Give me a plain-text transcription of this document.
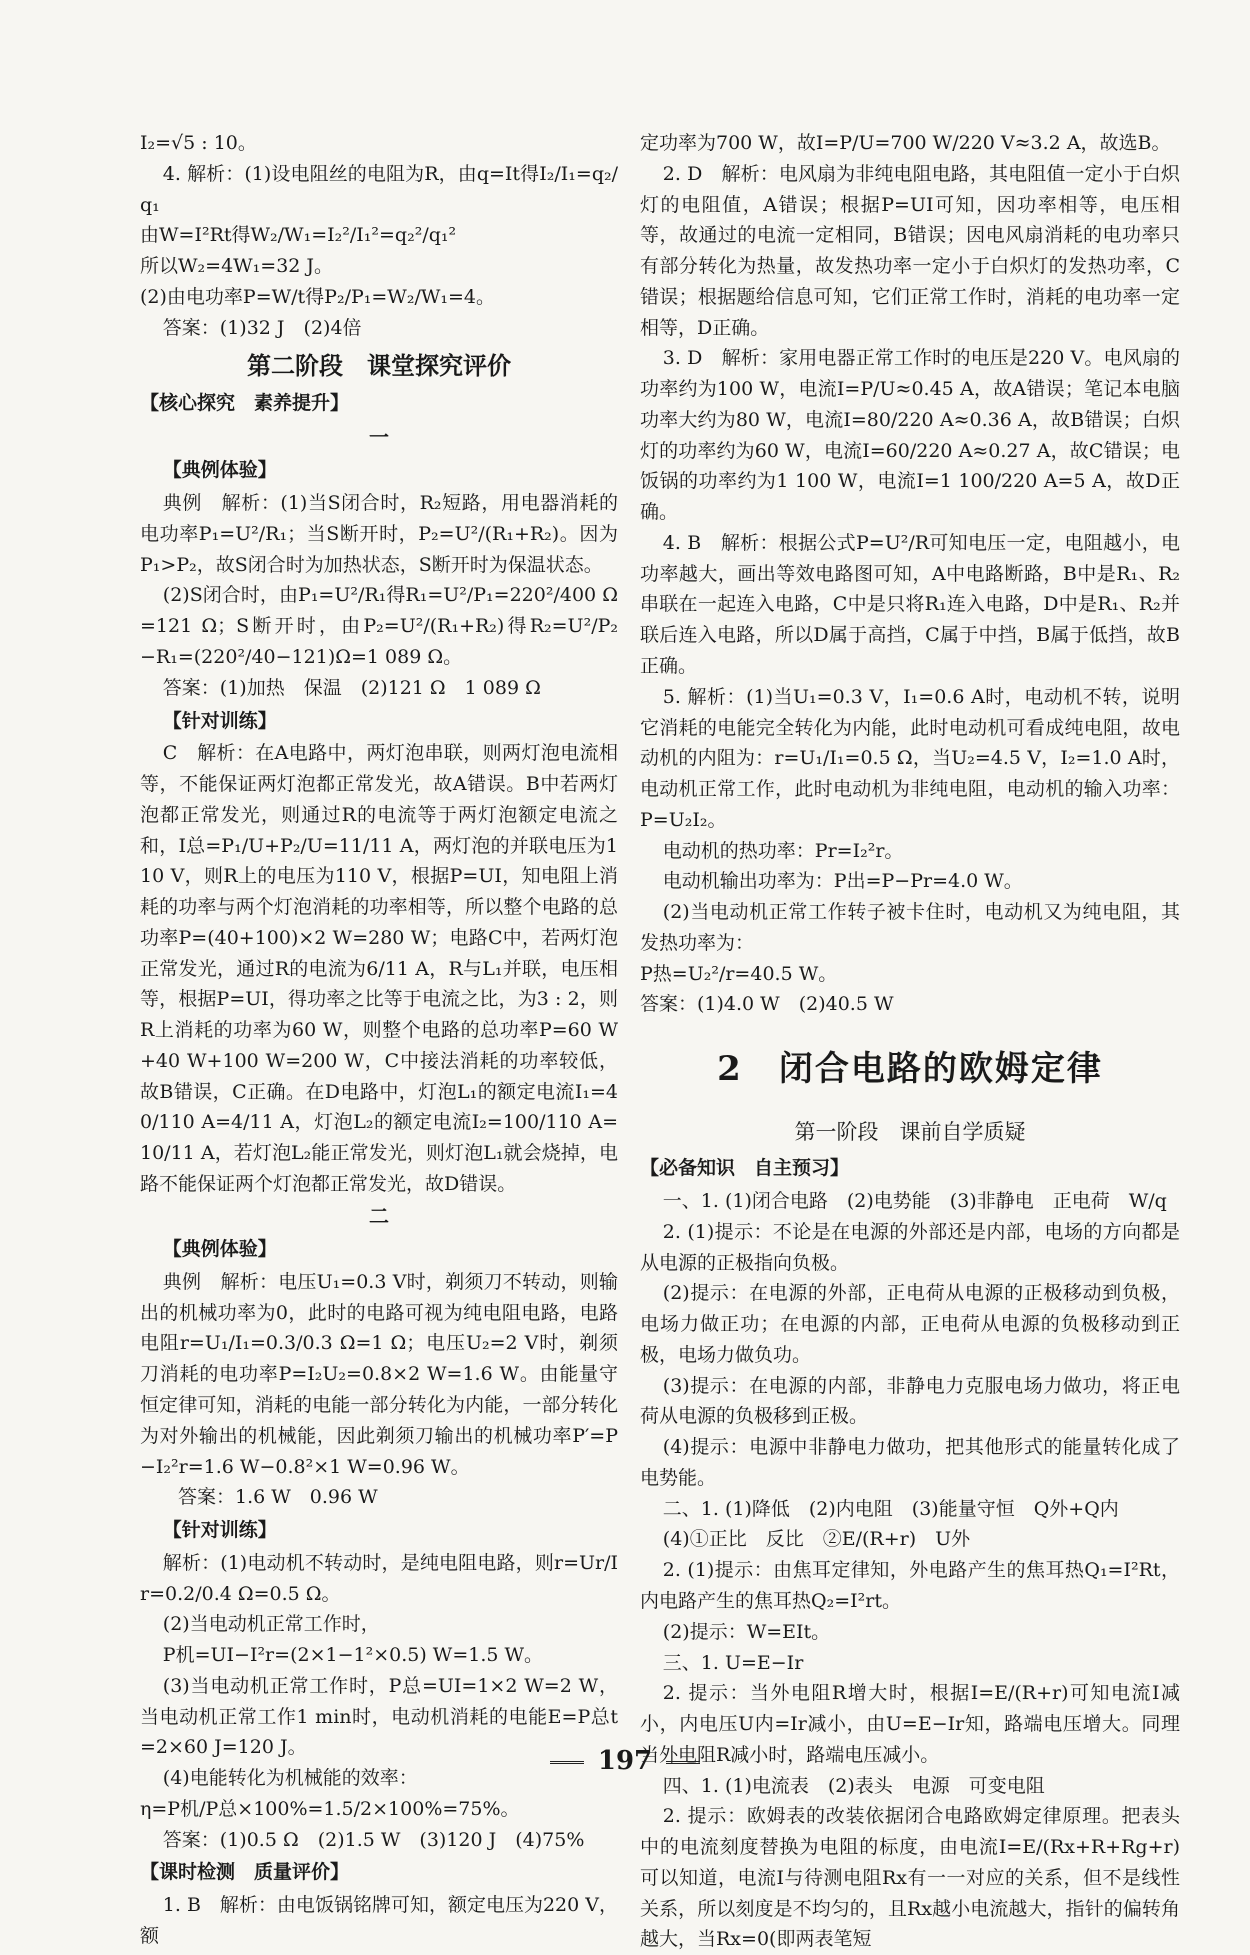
I₂=√5 : 10。

4. 解析：(1)设电阻丝的电阻为R，由q=It得I₂/I₁=q₂/q₁

由W=I²Rt得W₂/W₁=I₂²/I₁²=q₂²/q₁²

所以W₂=4W₁=32 J。

(2)由电功率P=W/t得P₂/P₁=W₂/W₁=4。

答案：(1)32 J　(2)4倍

第二阶段　课堂探究评价
【核心探究　素养提升】
一
【典例体验】

典例　解析：(1)当S闭合时，R₂短路，用电器消耗的电功率P₁=U²/R₁；当S断开时，P₂=U²/(R₁+R₂)。因为P₁>P₂，故S闭合时为加热状态，S断开时为保温状态。

(2)S闭合时，由P₁=U²/R₁得R₁=U²/P₁=220²/400 Ω=121 Ω；S断开时，由P₂=U²/(R₁+R₂)得R₂=U²/P₂−R₁=(220²/40−121)Ω=1 089 Ω。

答案：(1)加热　保温　(2)121 Ω　1 089 Ω

【针对训练】

C　解析：在A电路中，两灯泡串联，则两灯泡电流相等，不能保证两灯泡都正常发光，故A错误。B中若两灯泡都正常发光，则通过R的电流等于两灯泡额定电流之和，I总=P₁/U+P₂/U=11/11 A，两灯泡的并联电压为110 V，则R上的电压为110 V，根据P=UI，知电阻上消耗的功率与两个灯泡消耗的功率相等，所以整个电路的总功率P=(40+100)×2 W=280 W；电路C中，若两灯泡正常发光，通过R的电流为6/11 A，R与L₁并联，电压相等，根据P=UI，得功率之比等于电流之比，为3 : 2，则R上消耗的功率为60 W，则整个电路的总功率P=60 W+40 W+100 W=200 W，C中接法消耗的功率较低，故B错误，C正确。在D电路中，灯泡L₁的额定电流I₁=40/110 A=4/11 A，灯泡L₂的额定电流I₂=100/110 A=10/11 A，若灯泡L₂能正常发光，则灯泡L₁就会烧掉，电路不能保证两个灯泡都正常发光，故D错误。

二
【典例体验】

典例　解析：电压U₁=0.3 V时，剃须刀不转动，则输出的机械功率为0，此时的电路可视为纯电阻电路，电路电阻r=U₁/I₁=0.3/0.3 Ω=1 Ω；电压U₂=2 V时，剃须刀消耗的电功率P=I₂U₂=0.8×2 W=1.6 W。由能量守恒定律可知，消耗的电能一部分转化为内能，一部分转化为对外输出的机械能，因此剃须刀输出的机械功率P′=P−I₂²r=1.6 W−0.8²×1 W=0.96 W。

答案：1.6 W　0.96 W

【针对训练】

解析：(1)电动机不转动时，是纯电阻电路，则r=Ur/Ir=0.2/0.4 Ω=0.5 Ω。

(2)当电动机正常工作时，

P机=UI−I²r=(2×1−1²×0.5) W=1.5 W。

(3)当电动机正常工作时，P总=UI=1×2 W=2 W，当电动机正常工作1 min时，电动机消耗的电能E=P总t=2×60 J=120 J。

(4)电能转化为机械能的效率：

η=P机/P总×100%=1.5/2×100%=75%。

答案：(1)0.5 Ω　(2)1.5 W　(3)120 J　(4)75%

【课时检测　质量评价】

1. B　解析：由电饭锅铭牌可知，额定电压为220 V，额

定功率为700 W，故I=P/U=700 W/220 V≈3.2 A，故选B。

2. D　解析：电风扇为非纯电阻电路，其电阻值一定小于白炽灯的电阻值，A错误；根据P=UI可知，因功率相等，电压相等，故通过的电流一定相同，B错误；因电风扇消耗的电功率只有部分转化为热量，故发热功率一定小于白炽灯的发热功率，C错误；根据题给信息可知，它们正常工作时，消耗的电功率一定相等，D正确。

3. D　解析：家用电器正常工作时的电压是220 V。电风扇的功率约为100 W，电流I=P/U≈0.45 A，故A错误；笔记本电脑功率大约为80 W，电流I=80/220 A≈0.36 A，故B错误；白炽灯的功率约为60 W，电流I=60/220 A≈0.27 A，故C错误；电饭锅的功率约为1 100 W，电流I=1 100/220 A=5 A，故D正确。

4. B　解析：根据公式P=U²/R可知电压一定，电阻越小，电功率越大，画出等效电路图可知，A中电路断路，B中是R₁、R₂串联在一起连入电路，C中是只将R₁连入电路，D中是R₁、R₂并联后连入电路，所以D属于高挡，C属于中挡，B属于低挡，故B正确。

5. 解析：(1)当U₁=0.3 V，I₁=0.6 A时，电动机不转，说明它消耗的电能完全转化为内能，此时电动机可看成纯电阻，故电动机的内阻为：r=U₁/I₁=0.5 Ω，当U₂=4.5 V，I₂=1.0 A时，电动机正常工作，此时电动机为非纯电阻，电动机的输入功率：P=U₂I₂。

电动机的热功率：Pr=I₂²r。

电动机输出功率为：P出=P−Pr=4.0 W。

(2)当电动机正常工作转子被卡住时，电动机又为纯电阻，其发热功率为：

P热=U₂²/r=40.5 W。

答案：(1)4.0 W　(2)40.5 W

2　闭合电路的欧姆定律
第一阶段　课前自学质疑
【必备知识　自主预习】

一、1. (1)闭合电路　(2)电势能　(3)非静电　正电荷　W/q

2. (1)提示：不论是在电源的外部还是内部，电场的方向都是从电源的正极指向负极。

(2)提示：在电源的外部，正电荷从电源的正极移动到负极，电场力做正功；在电源的内部，正电荷从电源的负极移动到正极，电场力做负功。

(3)提示：在电源的内部，非静电力克服电场力做功，将正电荷从电源的负极移到正极。

(4)提示：电源中非静电力做功，把其他形式的能量转化成了电势能。

二、1. (1)降低　(2)内电阻　(3)能量守恒　Q外+Q内

(4)①正比　反比　②E/(R+r)　U外

2. (1)提示：由焦耳定律知，外电路产生的焦耳热Q₁=I²Rt，内电路产生的焦耳热Q₂=I²rt。

(2)提示：W=EIt。

三、1. U=E−Ir

2. 提示：当外电阻R增大时，根据I=E/(R+r)可知电流I减小，内电压U内=Ir减小，由U=E−Ir知，路端电压增大。同理当外电阻R减小时，路端电压减小。

四、1. (1)电流表　(2)表头　电源　可变电阻

2. 提示：欧姆表的改装依据闭合电路欧姆定律原理。把表头中的电流刻度替换为电阻的标度，由电流I=E/(Rx+R+Rg+r)可以知道，电流I与待测电阻Rx有一一对应的关系，但不是线性关系，所以刻度是不均匀的，且Rx越小电流越大，指针的偏转角越大，当Rx=0(即两表笔短

197
